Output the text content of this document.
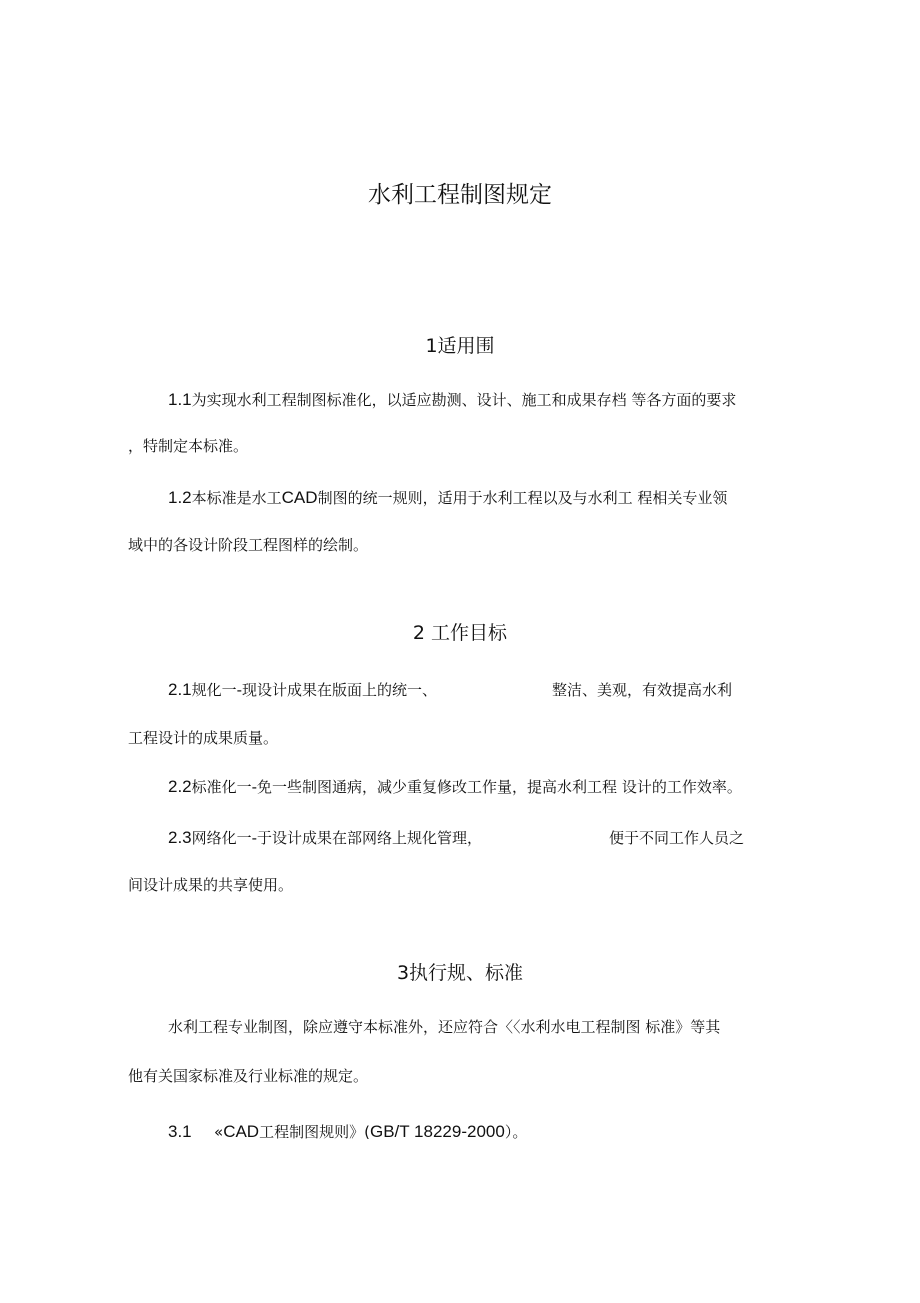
水利工程制图规定
1适用围
1.1为实现水利工程制图标准化，以适应勘测、设计、施工和成果存档 等各方面的要求
，特制定本标准。
1.2本标准是水工CAD制图的统一规则，适用于水利工程以及与水利工 程相关专业领
域中的各设计阶段工程图样的绘制。
2 工作目标
2.1规化一-现设计成果在版面上的统一、	整洁、美观，有效提高水利
工程设计的成果质量。
2.2标准化一-免一些制图通病，减少重复修改工作量，提高水利工程 设计的工作效率。
2.3网络化一-于设计成果在部网络上规化管理，	便于不同工作人员之
间设计成果的共享使用。
3执行规、标准
水利工程专业制图，除应遵守本标准外，还应符合〈〈水利水电工程制图 标准》等其
他有关国家标准及行业标准的规定。
3.1 «CAD工程制图规则》(GB/T 18229-2000）。
